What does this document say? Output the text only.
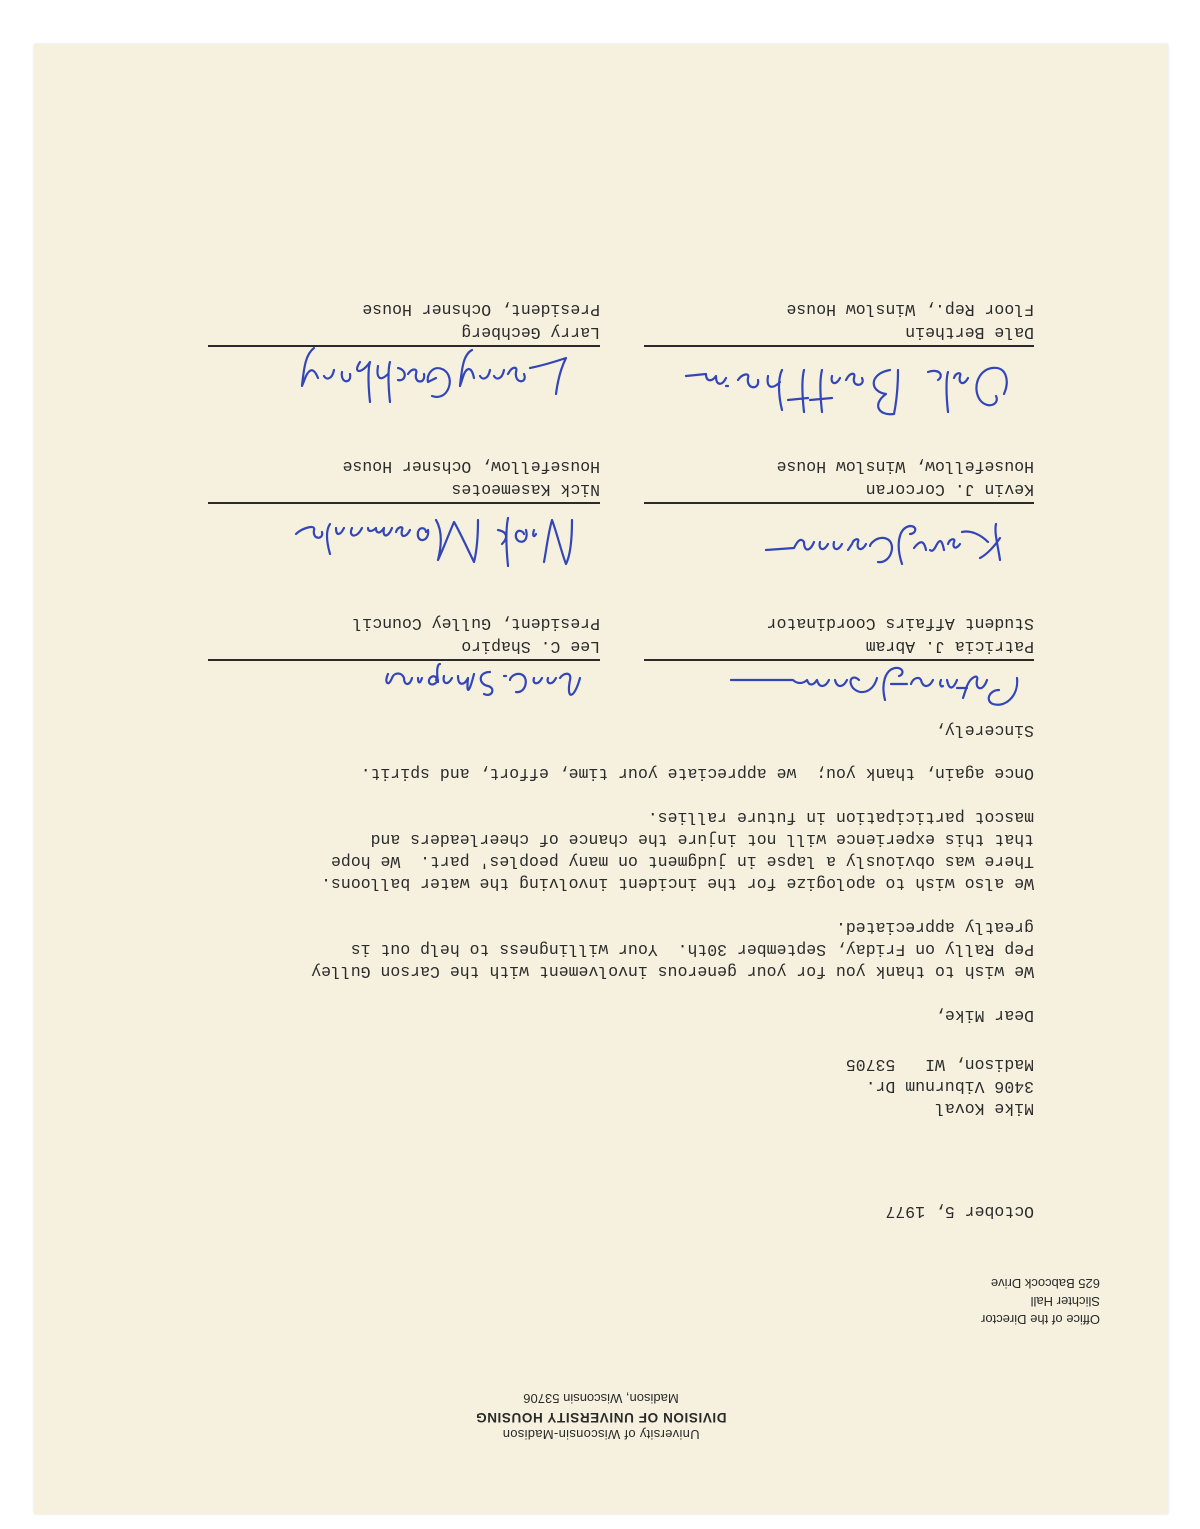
University of Wisconsin-Madison
DIVISION OF UNIVERSITY HOUSING
Madison, Wisconsin 53706
Office of the Director
Slichter Hall
625 Babcock Drive
October 5, 1977
Mike Koval
3406 Viburnum Dr.
Madison, WI   53705
Dear Mike,
We wish to thank you for your generous involvement with the Carson Gulley
Pep Rally on Friday, September 30th.  Your willingness to help out is
greatly appreciated.
We also wish to apologize for the incident involving the water balloons.
There was obviously a lapse in judgment on many peoples' part.  We hope
that this experience will not injure the chance of cheerleaders and
mascot participation in future rallies.
Once again, thank you;  we appreciate your time, effort, and spirit.
Sincerely,
Patricia J. Abram
Student Affairs Coordinator
Lee C. Shapiro
President, Gulley Council
Kevin J. Corcoran
Housefellow, Winslow House
Nick Kasemeotes
Housefellow, Ochsner House
Dale Berthein
Floor Rep., Winslow House
Larry Gechberg
President, Ochsner House
